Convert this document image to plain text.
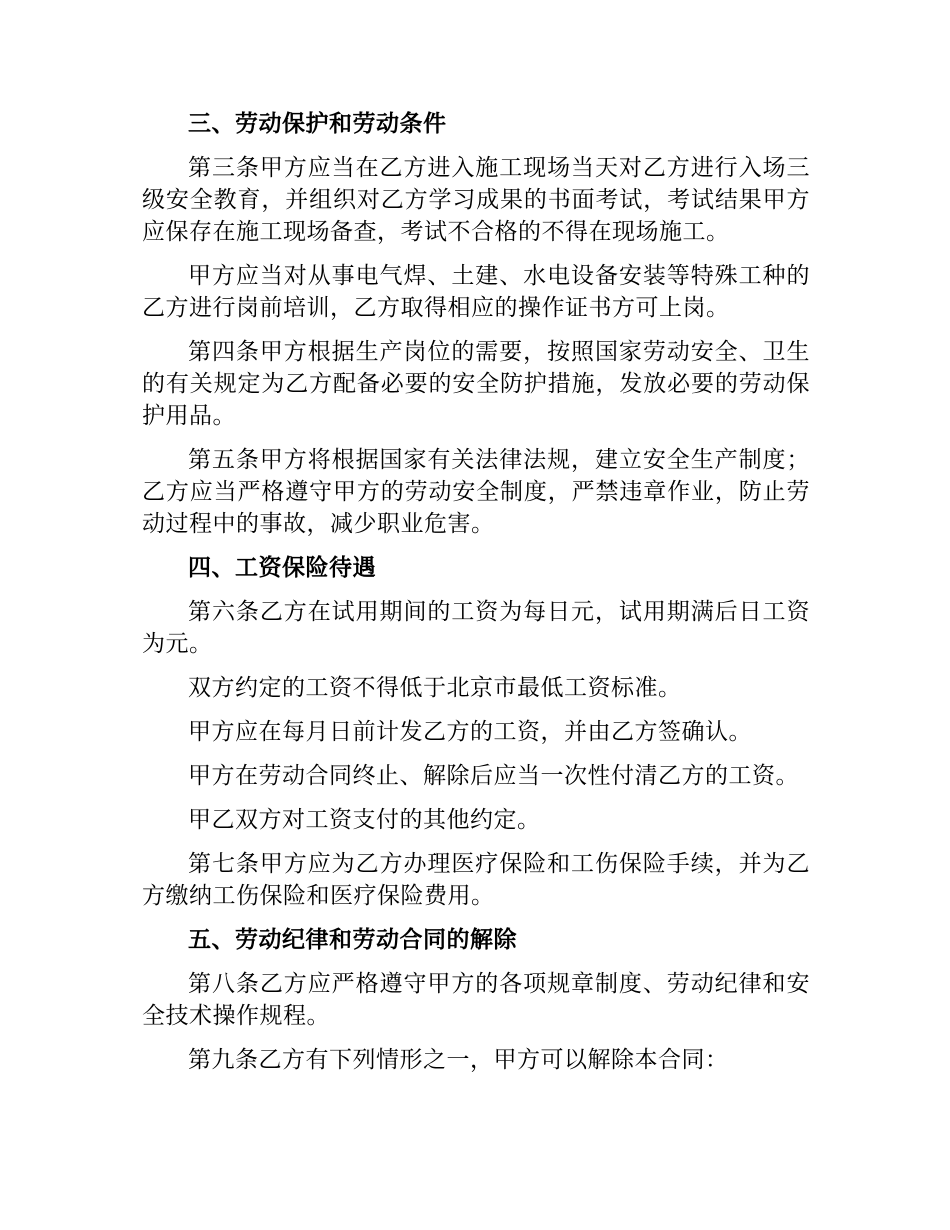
三、劳动保护和劳动条件

第三条甲方应当在乙方进入施工现场当天对乙方进行入场三级安全教育，并组织对乙方学习成果的书面考试，考试结果甲方应保存在施工现场备查，考试不合格的不得在现场施工。

甲方应当对从事电气焊、土建、水电设备安装等特殊工种的乙方进行岗前培训，乙方取得相应的操作证书方可上岗。

第四条甲方根据生产岗位的需要，按照国家劳动安全、卫生的有关规定为乙方配备必要的安全防护措施，发放必要的劳动保护用品。

第五条甲方将根据国家有关法律法规，建立安全生产制度；乙方应当严格遵守甲方的劳动安全制度，严禁违章作业，防止劳动过程中的事故，减少职业危害。

四、工资保险待遇

第六条乙方在试用期间的工资为每日元，试用期满后日工资为元。

双方约定的工资不得低于北京市最低工资标准。

甲方应在每月日前计发乙方的工资，并由乙方签确认。

甲方在劳动合同终止、解除后应当一次性付清乙方的工资。

甲乙双方对工资支付的其他约定。

第七条甲方应为乙方办理医疗保险和工伤保险手续，并为乙方缴纳工伤保险和医疗保险费用。

五、劳动纪律和劳动合同的解除

第八条乙方应严格遵守甲方的各项规章制度、劳动纪律和安全技术操作规程。

第九条乙方有下列情形之一，甲方可以解除本合同：
